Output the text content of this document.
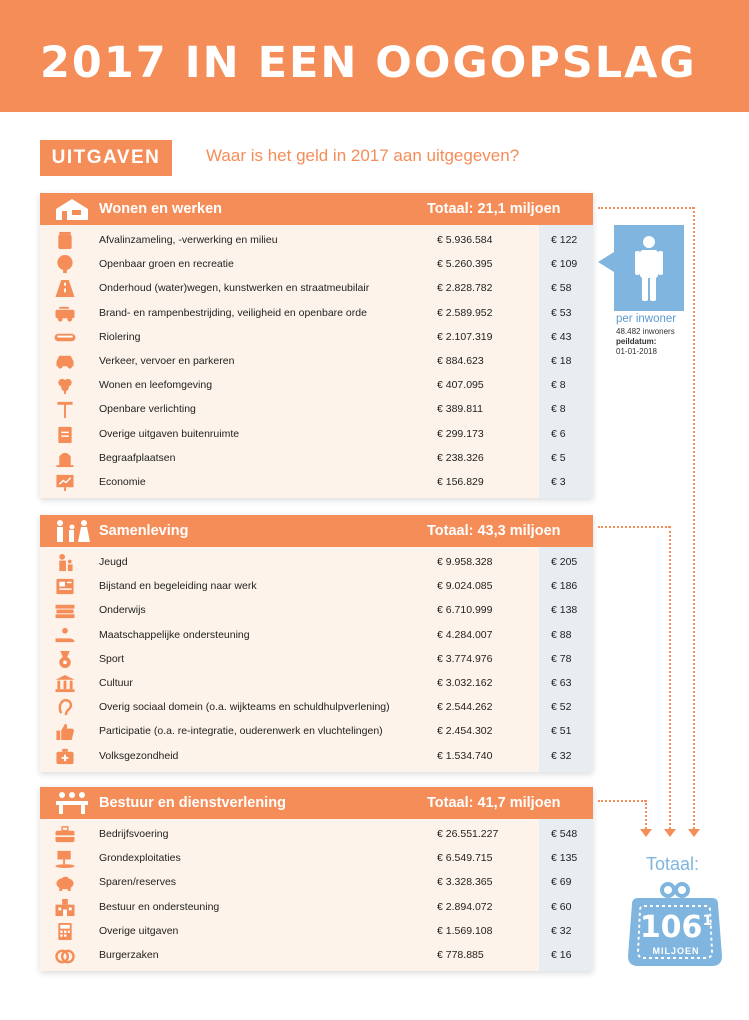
2017 IN EEN OOGOPSLAG
UITGAVEN	Waar is het geld in 2017 aan uitgegeven?
Wonen en werken	Totaal: 21,1 miljoen
Afvalinzameling, -verwerking en milieu	€ 5.936.584	€ 122
Openbaar groen en recreatie	€ 5.260.395	€ 109
Onderhoud (water)wegen, kunstwerken en straatmeubilair	€ 2.828.782	€ 58
Brand- en rampenbestrijding, veiligheid en openbare orde	€ 2.589.952	€ 53
Riolering	€ 2.107.319	€ 43
Verkeer, vervoer en parkeren	€ 884.623	€ 18
Wonen en leefomgeving	€ 407.095	€ 8
Openbare verlichting	€ 389.811	€ 8
Overige uitgaven buitenruimte	€ 299.173	€ 6
Begraafplaatsen	€ 238.326	€ 5
Economie	€ 156.829	€ 3
Samenleving	Totaal: 43,3 miljoen
Jeugd	€ 9.958.328	€ 205
Bijstand en begeleiding naar werk	€ 9.024.085	€ 186
Onderwijs	€ 6.710.999	€ 138
Maatschappelijke ondersteuning	€ 4.284.007	€ 88
Sport	€ 3.774.976	€ 78
Cultuur	€ 3.032.162	€ 63
Overig sociaal domein (o.a. wijkteams en schuldhulpverlening)	€ 2.544.262	€ 52
Participatie (o.a. re-integratie, ouderenwerk en vluchtelingen)	€ 2.454.302	€ 51
Volksgezondheid	€ 1.534.740	€ 32
Bestuur en dienstverlening	Totaal: 41,7 miljoen
Bedrijfsvoering	€ 26.551.227	€ 548
Grondexploitaties	€ 6.549.715	€ 135
Sparen/reserves	€ 3.328.365	€ 69
Bestuur en ondersteuning	€ 2.894.072	€ 60
Overige uitgaven	€ 1.569.108	€ 32
Burgerzaken	€ 778.885	€ 16
per inwoner
48.482 inwoners
peildatum:
01-01-2018
Totaal:
$106^1$
MILJOEN
